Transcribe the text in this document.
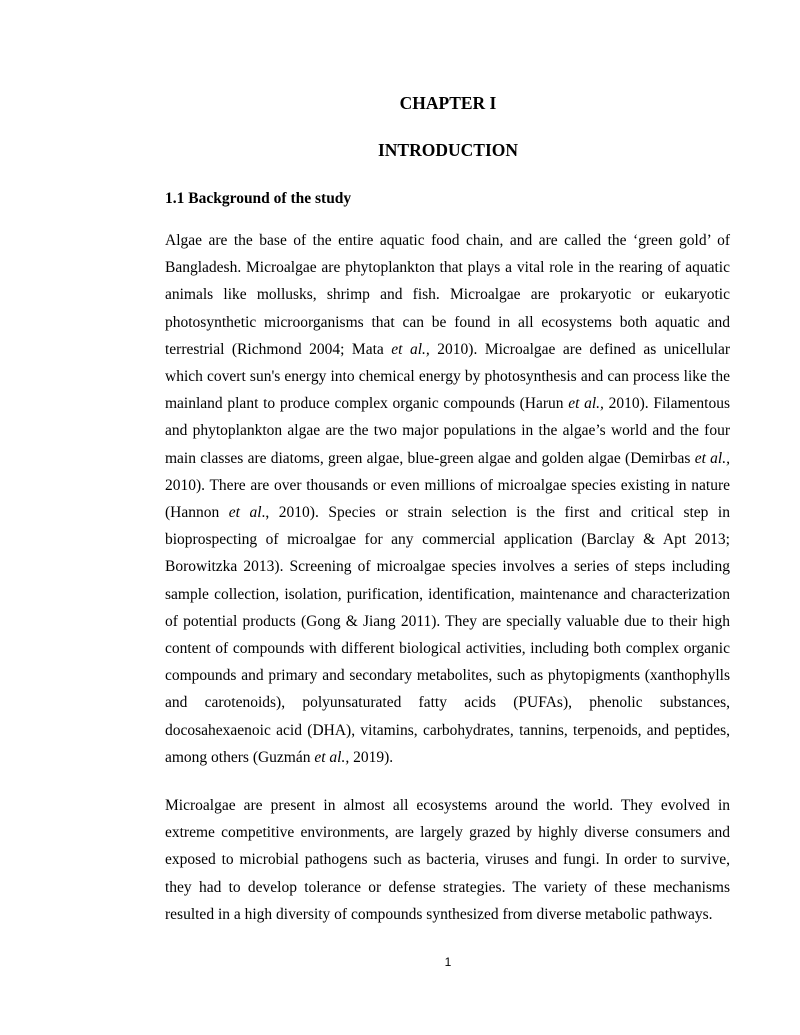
CHAPTER I
INTRODUCTION
1.1 Background of the study

Algae are the base of the entire aquatic food chain, and are called the ‘green gold’ of Bangladesh. Microalgae are phytoplankton that plays a vital role in the rearing of aquatic animals like mollusks, shrimp and fish. Microalgae are prokaryotic or eukaryotic photosynthetic microorganisms that can be found in all ecosystems both aquatic and terrestrial (Richmond 2004; Mata et al., 2010). Microalgae are defined as unicellular which covert sun's energy into chemical energy by photosynthesis and can process like the mainland plant to produce complex organic compounds (Harun et al., 2010). Filamentous and phytoplankton algae are the two major populations in the algae’s world and the four main classes are diatoms, green algae, blue-green algae and golden algae (Demirbas et al., 2010). There are over thousands or even millions of microalgae species existing in nature (Hannon et al., 2010). Species or strain selection is the first and critical step in bioprospecting of microalgae for any commercial application (Barclay & Apt 2013; Borowitzka 2013). Screening of microalgae species involves a series of steps including sample collection, isolation, purification, identification, maintenance and characterization of potential products (Gong & Jiang 2011). They are specially valuable due to their high content of compounds with different biological activities, including both complex organic compounds and primary and secondary metabolites, such as phytopigments (xanthophylls and carotenoids), polyunsaturated fatty acids (PUFAs), phenolic substances, docosahexaenoic acid (DHA), vitamins, carbohydrates, tannins, terpenoids, and peptides, among others (Guzmán et al., 2019).

Microalgae are present in almost all ecosystems around the world. They evolved in extreme competitive environments, are largely grazed by highly diverse consumers and exposed to microbial pathogens such as bacteria, viruses and fungi. In order to survive, they had to develop tolerance or defense strategies. The variety of these mechanisms resulted in a high diversity of compounds synthesized from diverse metabolic pathways.

1
